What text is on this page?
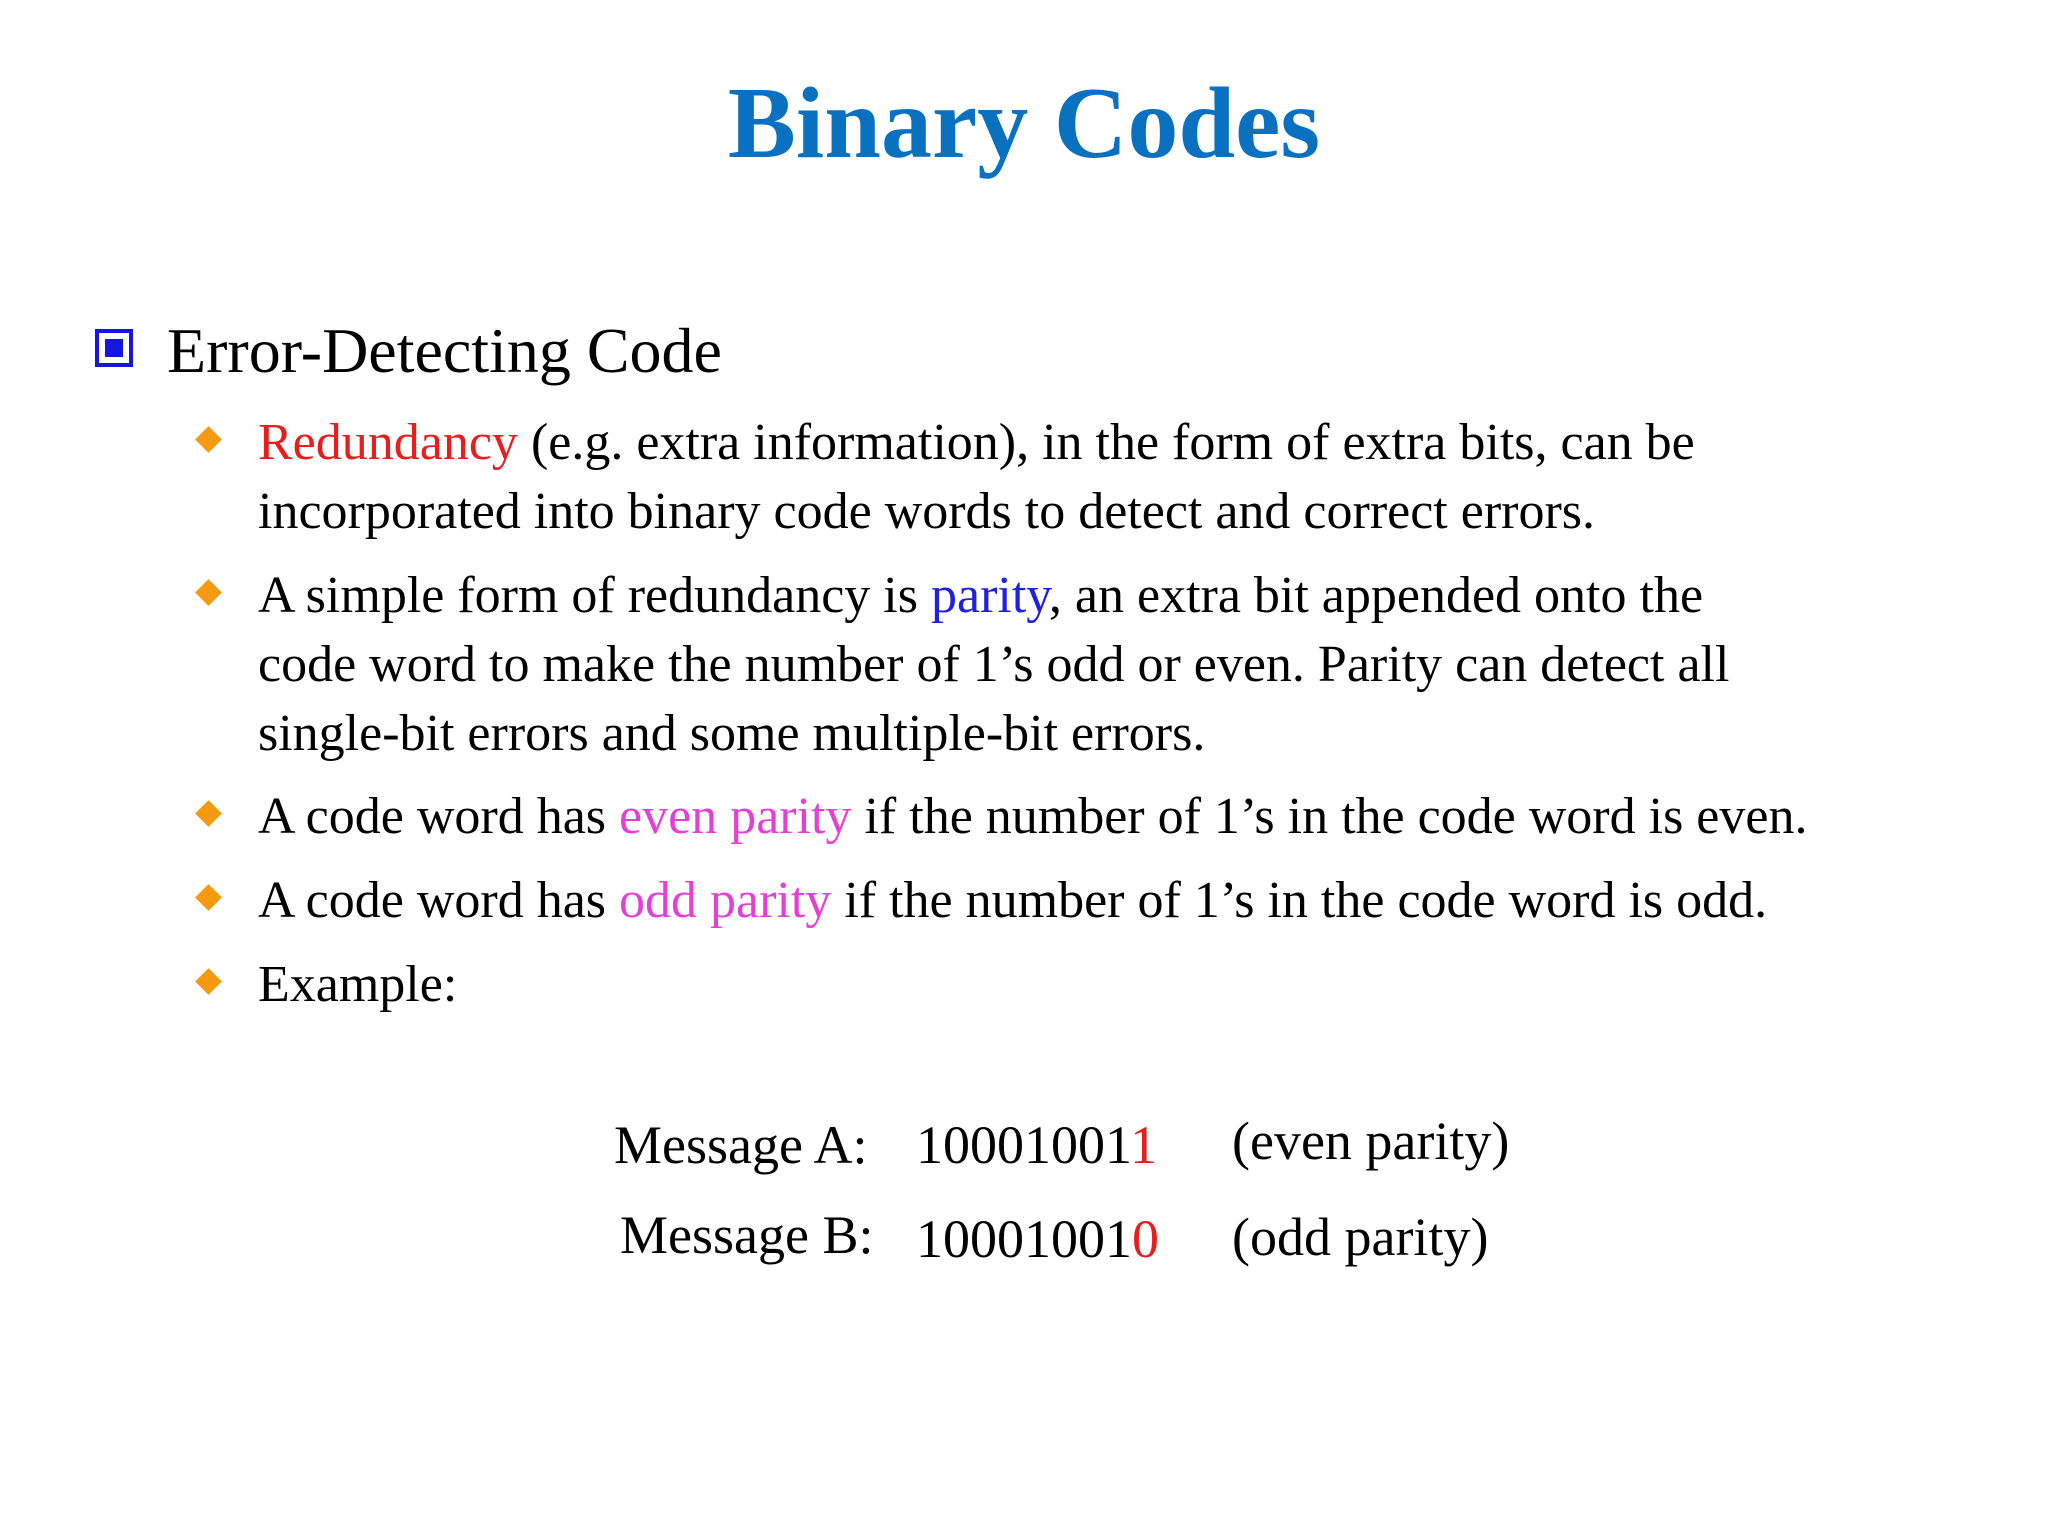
Binary Codes
Error-Detecting Code
Redundancy (e.g. extra information), in the form of extra bits, can be
incorporated into binary code words to detect and correct errors.
A simple form of redundancy is parity, an extra bit appended onto the
code word to make the number of 1’s odd or even. Parity can detect all
single-bit errors and some multiple-bit errors.
A code word has even parity if the number of 1’s in the code word is even.
A code word has odd parity if the number of 1’s in the code word is odd.
Example:
Message A: 100010011 (even parity)
Message B: 100010010 (odd parity)
